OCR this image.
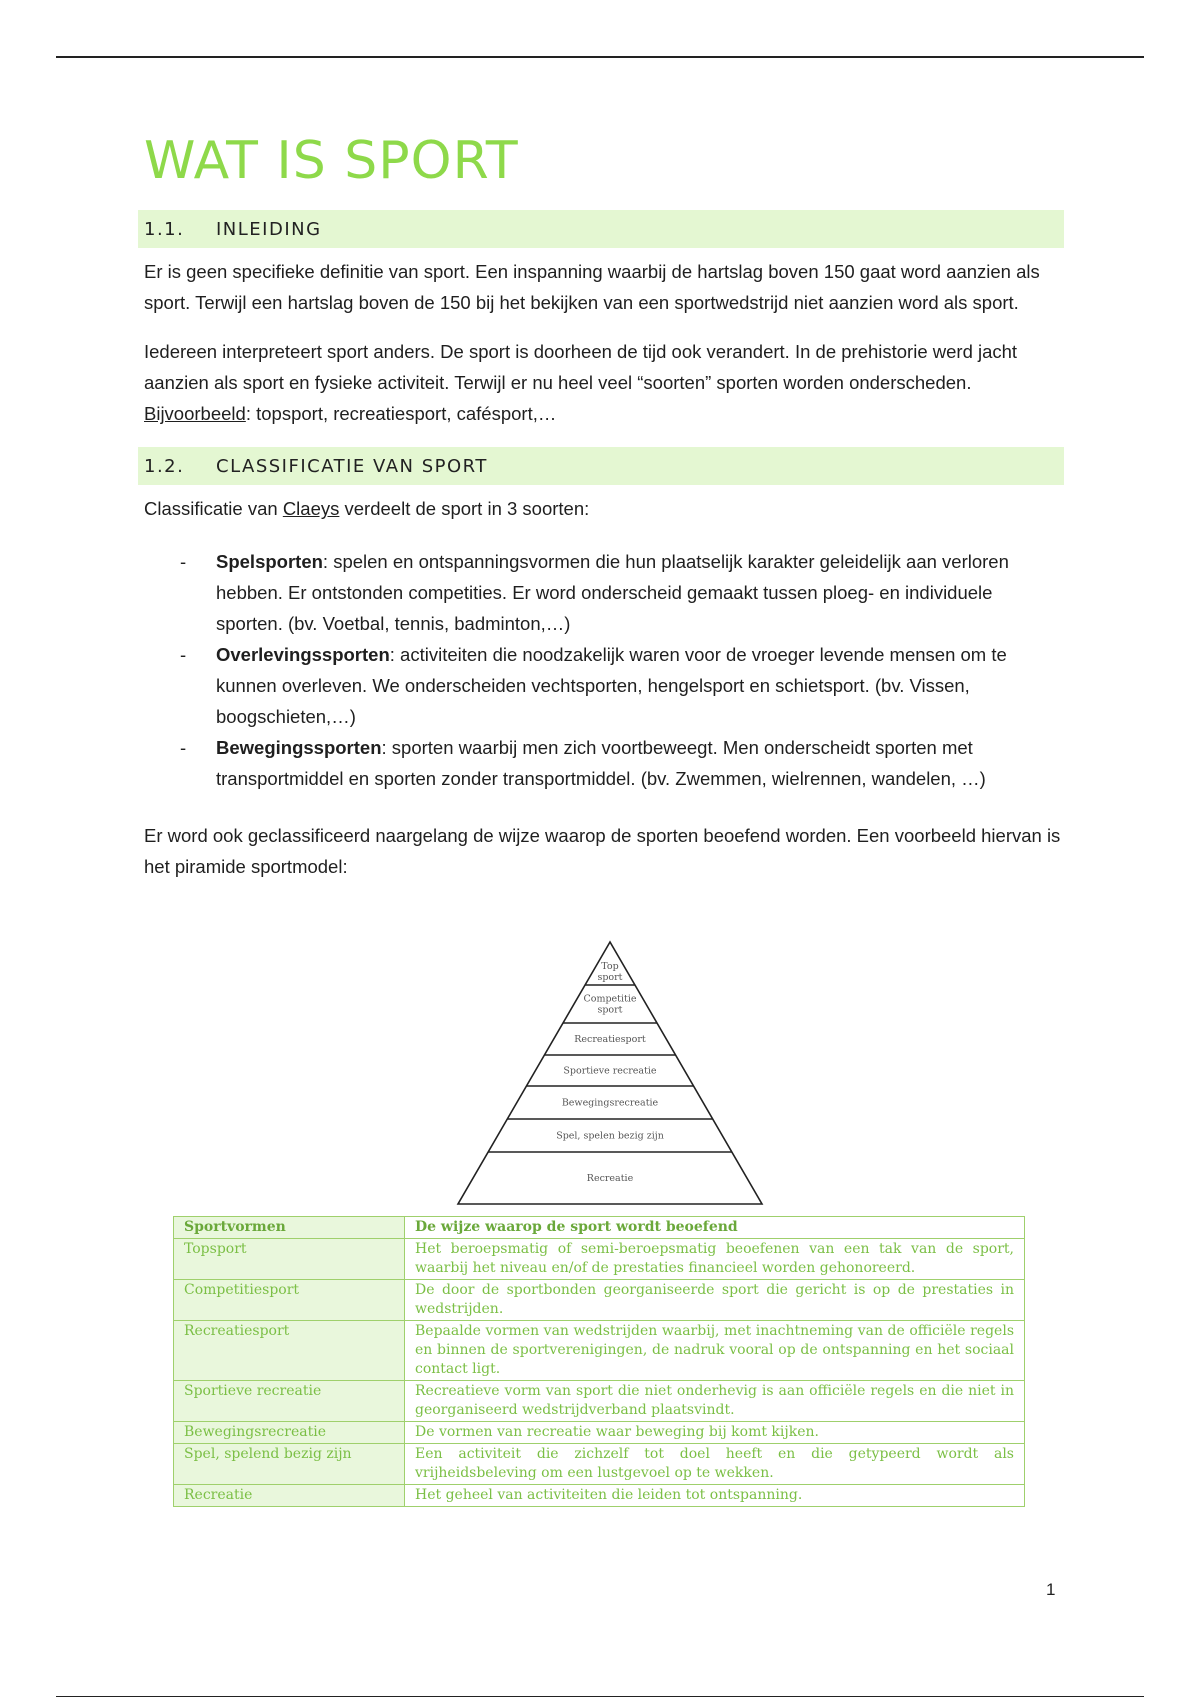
WAT IS SPORT
1.1.	INLEIDING

Er is geen specifieke definitie van sport. Een inspanning waarbij de hartslag boven 150 gaat word aanzien als sport. Terwijl een hartslag boven de 150 bij het bekijken van een sportwedstrijd niet aanzien word als sport.

Iedereen interpreteert sport anders. De sport is doorheen de tijd ook verandert. In de prehistorie werd jacht aanzien als sport en fysieke activiteit. Terwijl er nu heel veel “soorten” sporten worden onderscheden. Bijvoorbeeld: topsport, recreatiesport, cafésport,…

1.2.	CLASSIFICATIE VAN SPORT

Classificatie van Claeys verdeelt de sport in 3 soorten:

- Spelsporten: spelen en ontspanningsvormen die hun plaatselijk karakter geleidelijk aan verloren hebben. Er ontstonden competities. Er word onderscheid gemaakt tussen ploeg- en individuele sporten. (bv. Voetbal, tennis, badminton,…)
- Overlevingssporten: activiteiten die noodzakelijk waren voor de vroeger levende mensen om te kunnen overleven. We onderscheiden vechtsporten, hengelsport en schietsport. (bv. Vissen, boogschieten,…)
- Bewegingssporten: sporten waarbij men zich voortbeweegt. Men onderscheidt sporten met transportmiddel en sporten zonder transportmiddel. (bv. Zwemmen, wielrennen, wandelen, …)

Er word ook geclassificeerd naargelang de wijze waarop de sporten beoefend worden. Een voorbeeld hiervan is het piramide sportmodel:

Top
sport
Competitie
sport
Recreatiesport
Sportieve recreatie
Bewegingsrecreatie
Spel, spelen bezig zijn
Recreatie
Sportvormen	De wijze waarop de sport wordt beoefend
Topsport	Het beroepsmatig of semi-beroepsmatig beoefenen van een tak van de sport, waarbij het niveau en/of de prestaties financieel worden gehonoreerd.
Competitiesport	De door de sportbonden georganiseerde sport die gericht is op de prestaties in wedstrijden.
Recreatiesport	Bepaalde vormen van wedstrijden waarbij, met inachtneming van de officiële regels en binnen de sportverenigingen, de nadruk vooral op de ontspanning en het sociaal contact ligt.
Sportieve recreatie	Recreatieve vorm van sport die niet onderhevig is aan officiële regels en die niet in georganiseerd wedstrijdverband plaatsvindt.
Bewegingsrecreatie	De vormen van recreatie waar beweging bij komt kijken.
Spel, spelend bezig zijn	Een activiteit die zichzelf tot doel heeft en die getypeerd wordt als vrijheidsbeleving om een lustgevoel op te wekken.
Recreatie	Het geheel van activiteiten die leiden tot ontspanning.
1
